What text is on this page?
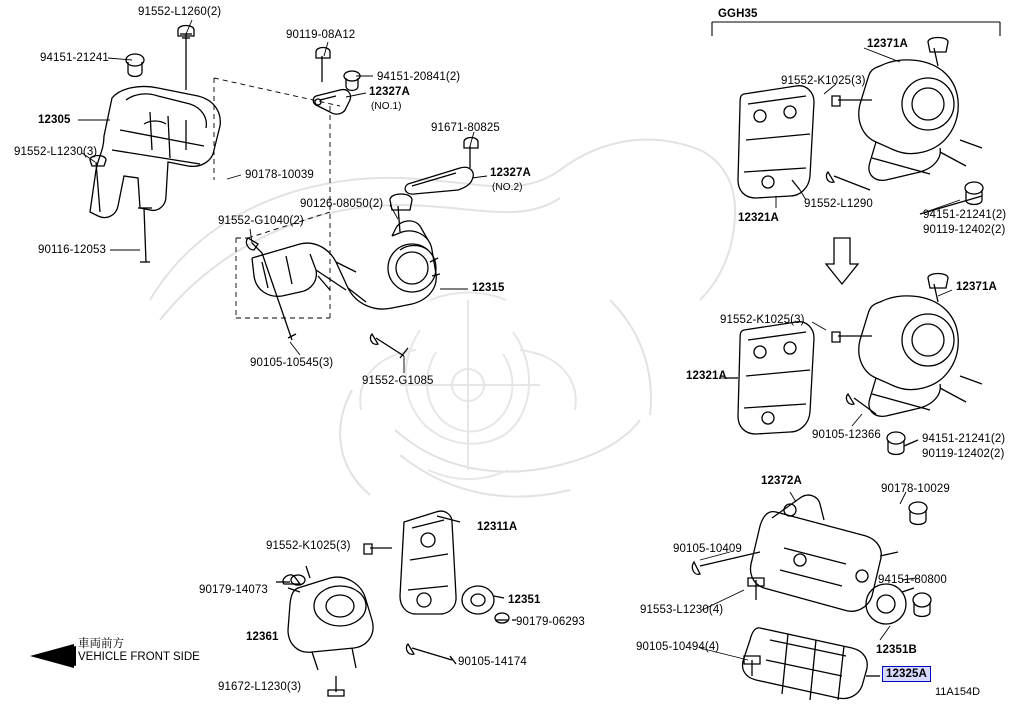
GGH35
91552-L1260(2)
94151-21241
90119-08A12
94151-20841(2)
12327A
(NO.1)
12305
91552-L1230(3)
91671-80825
90178-10039	12327A
(NO.2)
90116-12053
90126-08050(2)
91552-G1040(2)
12315
90105-10545(3)
91552-G1085
91552-K1025(3)
12311A
90179-14073
12351
90179-06293
12361
90105-14174
91672-L1230(3)
12371A
91552-K1025(3)
91552-L1290
12321A	94151-21241(2)
90119-12402(2)
12371A
91552-K1025(3)
12321A
90105-12366	94151-21241(2)
90119-12402(2)
12372A
90178-10029
90105-10409
94151-80800
91553-L1230(4)
90105-10494(4)	12351B
12325A
車両前方
VEHICLE FRONT SIDE
11A154D
